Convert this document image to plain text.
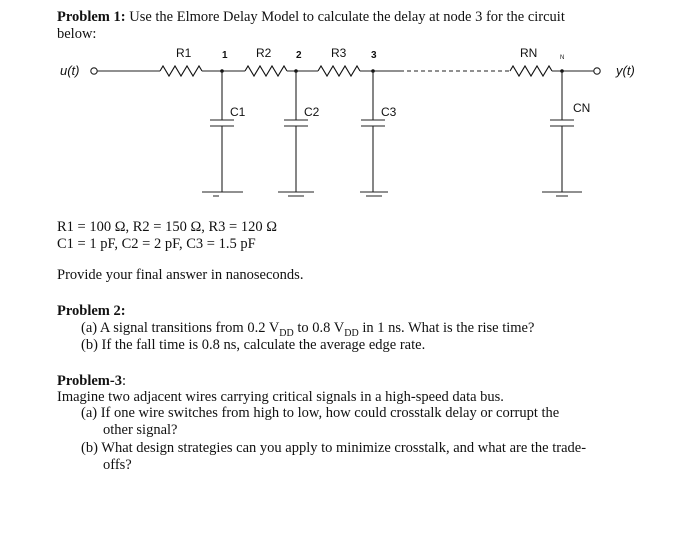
Problem 1: Use the Elmore Delay Model to calculate the delay at node 3 for the circuit
below:
u(t)
R1	1
C1
R2 2
C2
R3 3
C3
RN	N
CN
y(t)
R1 = 100 Ω, R2 = 150 Ω, R3 = 120 Ω
C1 = 1 pF, C2 = 2 pF, C3 = 1.5 pF
Provide your final answer in nanoseconds.
Problem 2:
(a) A signal transitions from 0.2 $V_{DD}$ to 0.8 $V_{DD}$ in 1 ns. What is the rise time?
(b) If the fall time is 0.8 ns, calculate the average edge rate.
Problem-3:
Imagine two adjacent wires carrying critical signals in a high-speed data bus.
(a) If one wire switches from high to low, how could crosstalk delay or corrupt the
other signal?
(b) What design strategies can you apply to minimize crosstalk, and what are the trade-
offs?
